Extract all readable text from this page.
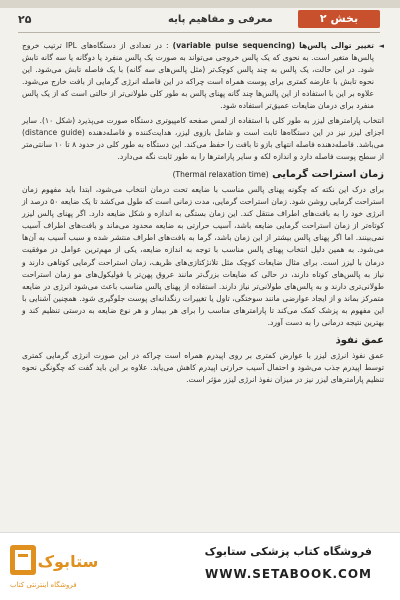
۲۵	معرفی و مفاهیم پایه	بخش ۲

◄
تغییر توالی پالس‌ها (variable pulse sequencing) : در تعدادی از دستگاه‌های IPL ترتیب خروج پالس‌ها متغیر است. به نحوی که یک پالس خروجی می‌تواند به صورت یک پالس منفرد یا دوگانه یا سه گانه تابش شود. در این حالت، یک پالس به چند پالس کوچک‌تر (مثل پالس‌های سه گانه) با یک فاصله تابش می‌شود. این نحوه تابش با عارضه کمتری برای پوست همراه است چراکه در این فاصله انرژی گرمایی از بافت خارج می‌شود. علاوه بر این با استفاده از این پالس‌ها چند گانه پهنای پالس به طور کلی طولانی‌تر از حالتی است که از یک پالس منفرد برای درمان ضایعات عمیق‌تر استفاده شود.

انتخاب پارامترهای لیزر به طور کلی با استفاده از لمس صفحه کامپیوتری دستگاه صورت می‌پذیرد (شکل ۱۰). سایر اجزای لیزر نیز در این دستگاه‌ها ثابت است و شامل بازوی لیزر، هدایت‌کننده و فاصله‌دهنده (distance guide) می‌باشد. فاصله‌دهنده فاصله انتهای بازو تا بافت را حفظ می‌کند. این دستگاه به طور کلی در حدود ۸ تا ۱۰ سانتی‌متر از سطح پوست فاصله دارد و اندازه لکه و سایر پارامترها را به طور ثابت نگه می‌دارد.

زمان استراحت گرمایی (Thermal relaxation time)

برای درک این نکته که چگونه پهنای پالس مناسب با ضایعه تحت درمان انتخاب می‌شود، ابتدا باید مفهوم زمان استراحت گرمایی روشن شود. زمان استراحت گرمایی، مدت زمانی است که طول می‌کشد تا یک ضایعه ۵۰ درصد از انرژی خود را به بافت‌های اطراف منتقل کند. این زمان بستگی به اندازه و شکل ضایعه دارد. اگر پهنای پالس لیزر کوتاه‌تر از زمان استراحت گرمایی ضایعه باشد، آسیب حرارتی به ضایعه محدود می‌ماند و بافت‌های اطراف آسیب نمی‌بینند. اما اگر پهنای پالس بیشتر از این زمان باشد، گرما به بافت‌های اطراف منتشر شده و سبب آسیب به آن‌ها می‌شود. به همین دلیل انتخاب پهنای پالس مناسب با توجه به اندازه ضایعه، یکی از مهم‌ترین عوامل در موفقیت درمان با لیزر است. برای مثال ضایعات کوچک مثل تلانژکتازی‌های ظریف، زمان استراحت گرمایی کوتاهی دارند و نیاز به پالس‌های کوتاه دارند، در حالی که ضایعات بزرگ‌تر مانند عروق پهن‌تر یا فولیکول‌های مو زمان استراحت طولانی‌تری دارند و به پالس‌های طولانی‌تر نیاز دارند. استفاده از پهنای پالس مناسب باعث می‌شود انرژی در ضایعه متمرکز بماند و از ایجاد عوارضی مانند سوختگی، تاول یا تغییرات رنگدانه‌ای پوست جلوگیری شود. همچنین آشنایی با این مفهوم به پزشک کمک می‌کند تا پارامترهای مناسب را برای هر بیمار و هر نوع ضایعه به درستی تنظیم کند و بهترین نتیجه درمانی را به دست آورد.

عمق نفوذ

عمق نفوذ انرژی لیزر با عوارض کمتری بر روی اپیدرم همراه است چراکه در این صورت انرژی گرمایی کمتری توسط اپیدرم جذب می‌شود و احتمال آسیب حرارتی اپیدرم کاهش می‌یابد. علاوه بر این باید گفت که چگونگی نحوه تنظیم پارامترهای لیزر نیز در میزان نفوذ انرژی لیزر مؤثر است.

ستابوک
فروشگاه اینترنتی کتاب
فروشگاه کتاب پزشکی ستابوک
WWW.SETABOOK.COM
